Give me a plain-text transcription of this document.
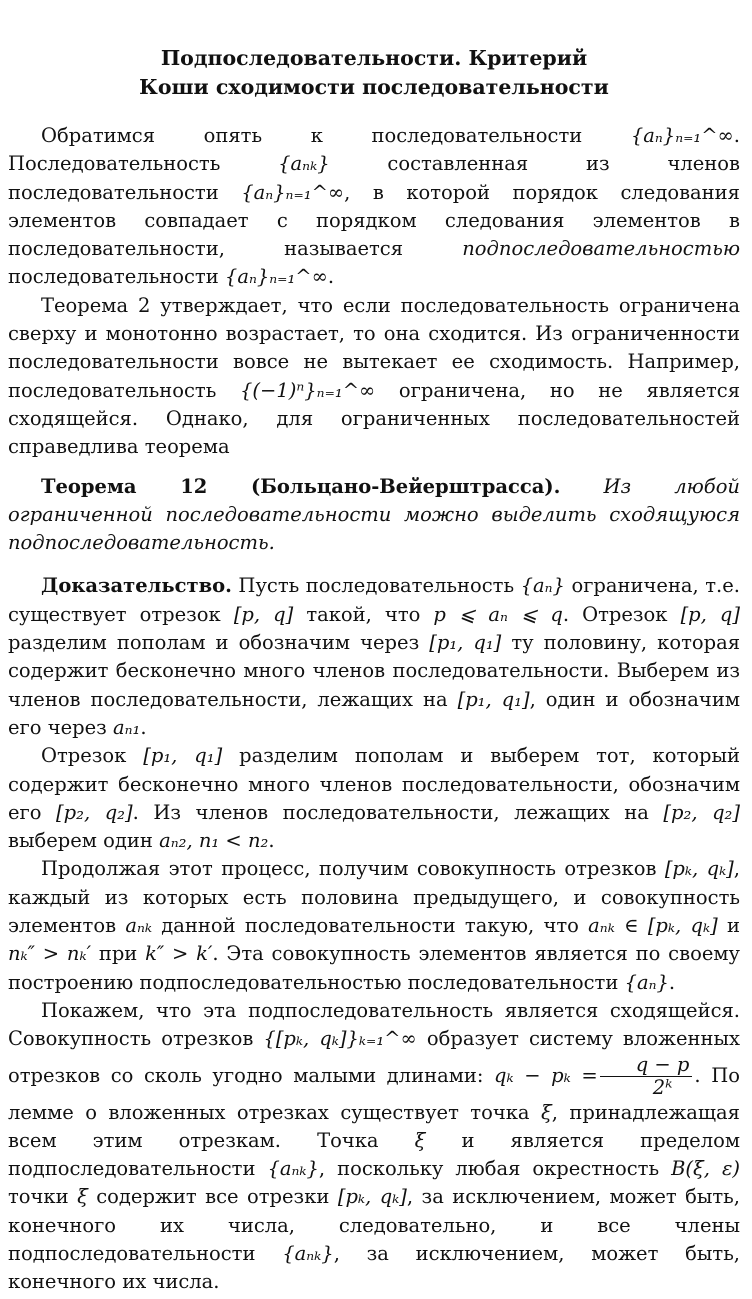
Подпоследовательности. Критерий
Коши сходимости последовательности

Обратимся опять к последовательности {aₙ}ₙ₌₁^∞. Последовательность {aₙₖ} составленная из членов последовательности {aₙ}ₙ₌₁^∞, в которой порядок следования элементов совпадает с порядком следования элементов в последовательности, называется подпоследовательностью последовательности {aₙ}ₙ₌₁^∞.

Теорема 2 утверждает, что если последовательность ограничена сверху и монотонно возрастает, то она сходится. Из ограниченности последовательности вовсе не вытекает ее сходимость. Например, последовательность {(−1)ⁿ}ₙ₌₁^∞ ограничена, но не является сходящейся. Однако, для ограниченных последовательностей справедлива теорема

Теорема 12 (Больцано-Вейерштрасса). Из любой ограниченной последовательности можно выделить сходящуюся подпоследовательность.

Доказательство. Пусть последовательность {aₙ} ограничена, т.е. существует отрезок [p, q] такой, что p ⩽ aₙ ⩽ q. Отрезок [p, q] разделим пополам и обозначим через [p₁, q₁] ту половину, которая содержит бесконечно много членов последовательности. Выберем из членов последовательности, лежащих на [p₁, q₁], один и обозначим его через aₙ₁.

Отрезок [p₁, q₁] разделим пополам и выберем тот, который содержит бесконечно много членов последовательности, обозначим его [p₂, q₂]. Из членов последовательности, лежащих на [p₂, q₂] выберем один aₙ₂, n₁ < n₂.

Продолжая этот процесс, получим совокупность отрезков [pₖ, qₖ], каждый из которых есть половина предыдущего, и совокупность элементов aₙₖ данной последовательности такую, что aₙₖ ∈ [pₖ, qₖ] и nₖ″ > nₖ′ при k″ > k′. Эта совокупность элементов является по своему построению подпоследовательностью последовательности {aₙ}.

Покажем, что эта подпоследовательность является сходящейся. Совокупность отрезков {[pₖ, qₖ]}ₖ₌₁^∞ образует систему вложенных отрезков со сколь угодно малыми длинами: $q_k - p_k = \frac{q - p}{\text{2ᵏ}}$ . По лемме о вложенных отрезках существует точка ξ, принадлежащая всем этим отрезкам. Точка ξ и является пределом подпоследовательности {aₙₖ}, поскольку любая окрестность B(ξ, ε) точки ξ содержит все отрезки [pₖ, qₖ], за исключением, может быть, конечного их числа, следовательно, и все члены подпоследовательности {aₙₖ}, за исключением, может быть, конечного их числа.
